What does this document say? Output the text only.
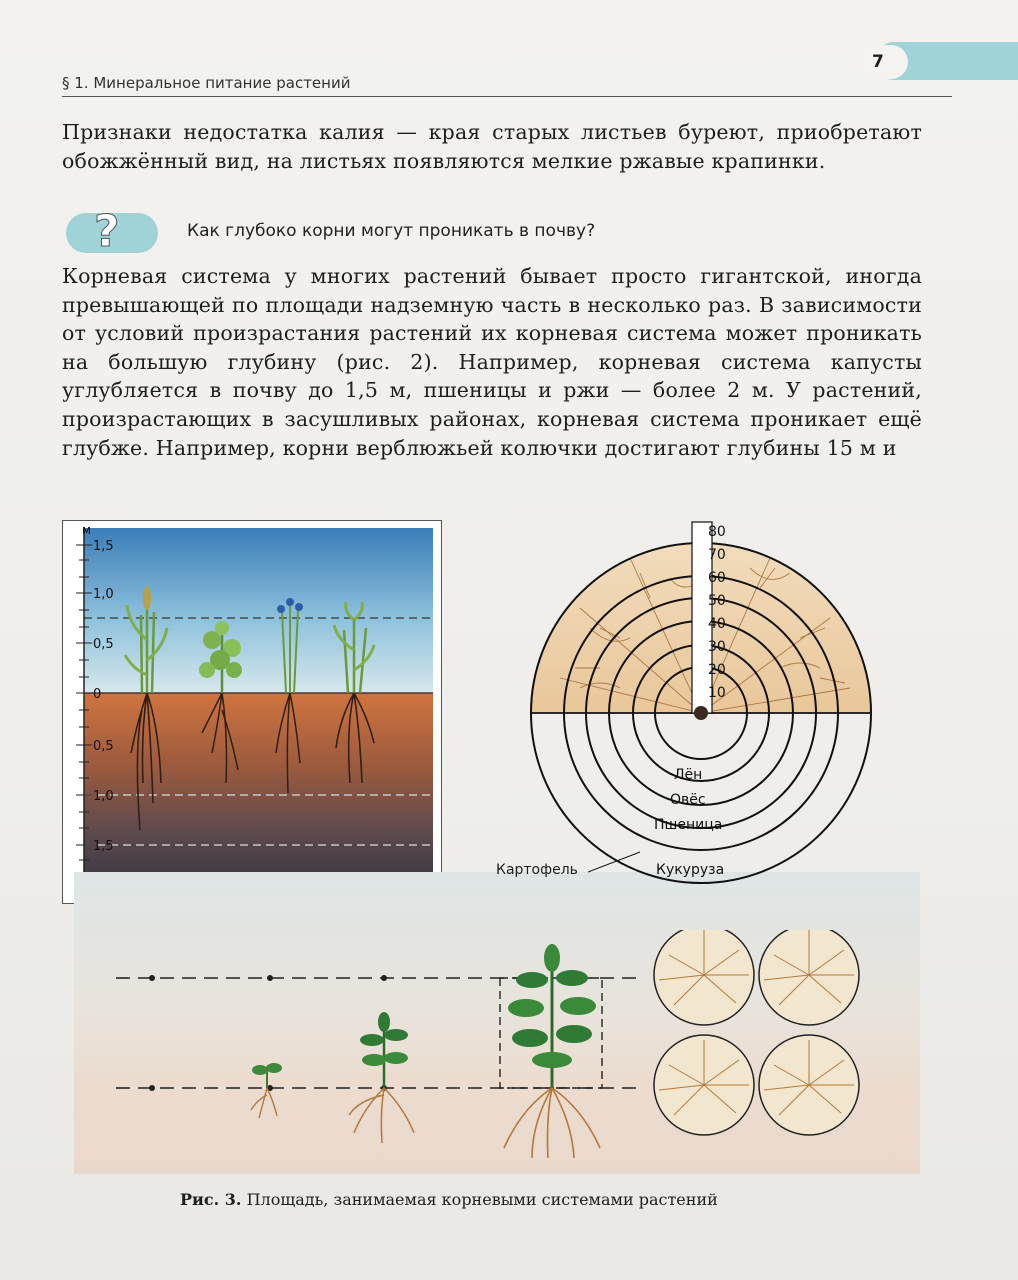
7
§ 1. Минеральное питание растений
Признаки недостатка калия — края старых листьев буреют, приобретают обожжённый вид, на листьях появляются мелкие ржавые крапинки.
?	Как глубоко корни могут проникать в почву?
Корневая система у многих растений бывает просто гигантской, иногда превышающей по площади надземную часть в несколько раз. В зависимости от условий произрастания растений их корневая система может проникать на большую глубину (рис. 2). Например, корневая система капусты углубляется в почву до 1,5 м, пшеницы и ржи — более 2 м. У растений, произрастающих в засушливых районах, корневая система проникает ещё глубже. Например, корни верблюжьей колючки достигают глубины 15 м и
м
1,5
1,0
0,5
0
0,5
1,0
1,5

80
70
60
50
40
30
20
10
Лён
Овёс
Пшеница
Кукуруза
Картофель
Рис. 3. Площадь, занимаемая корневыми системами растений
